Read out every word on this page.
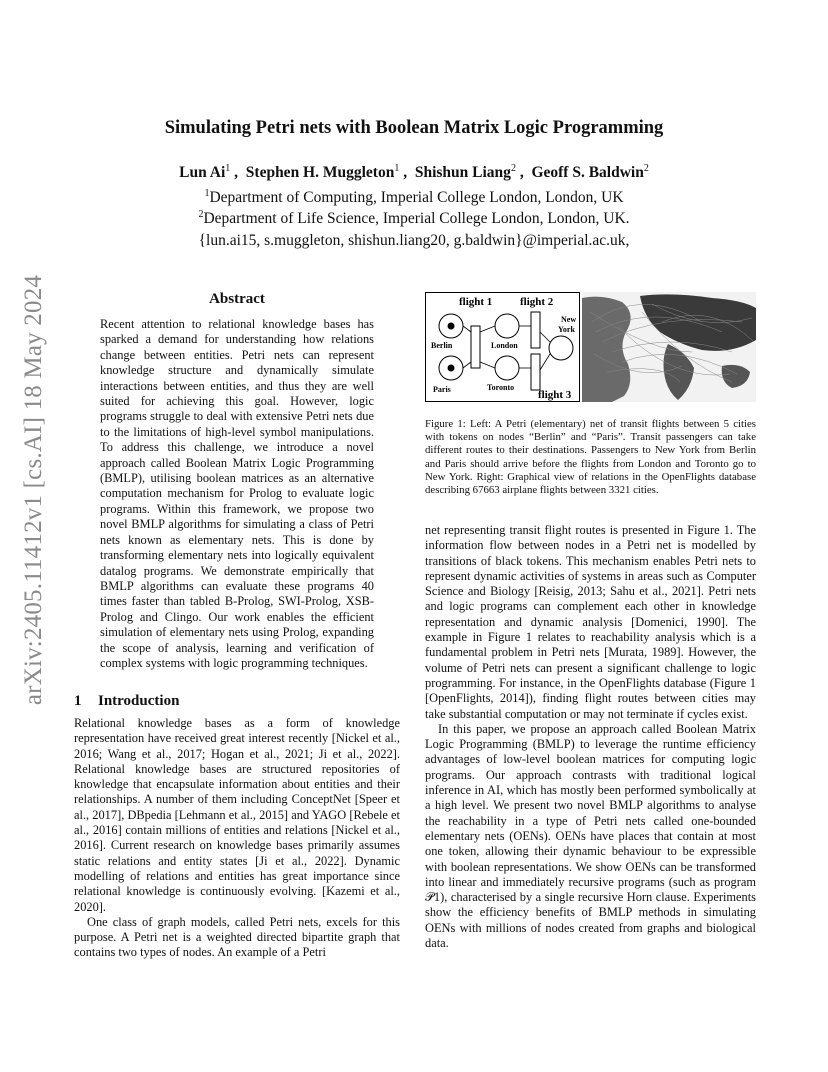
arXiv:2405.11412v1 [cs.AI] 18 May 2024
Simulating Petri nets with Boolean Matrix Logic Programming
Lun Ai$^1$ ,  Stephen H. Muggleton$^1$ ,  Shishun Liang$^2$ ,  Geoff S. Baldwin$^2$
$^1$Department of Computing, Imperial College London, London, UK
$^2$Department of Life Science, Imperial College London, London, UK.
{lun.ai15, s.muggleton, shishun.liang20, g.baldwin}@imperial.ac.uk,
Abstract
Recent attention to relational knowledge bases has sparked a demand for understanding how relations change between entities. Petri nets can represent knowledge structure and dynamically simulate interactions between entities, and thus they are well suited for achieving this goal. However, logic programs struggle to deal with extensive Petri nets due to the limitations of high-level symbol manipulations. To address this challenge, we introduce a novel approach called Boolean Matrix Logic Programming (BMLP), utilising boolean matrices as an alternative computation mechanism for Prolog to evaluate logic programs. Within this framework, we propose two novel BMLP algorithms for simulating a class of Petri nets known as elementary nets. This is done by transforming elementary nets into logically equivalent datalog programs. We demonstrate empirically that BMLP algorithms can evaluate these programs 40 times faster than tabled B-Prolog, SWI-Prolog, XSB-Prolog and Clingo. Our work enables the efficient simulation of elementary nets using Prolog, expanding the scope of analysis, learning and verification of complex systems with logic programming techniques.
1 Introduction

Relational knowledge bases as a form of knowledge representation have received great interest recently [Nickel et al., 2016; Wang et al., 2017; Hogan et al., 2021; Ji et al., 2022]. Relational knowledge bases are structured repositories of knowledge that encapsulate information about entities and their relationships. A number of them including ConceptNet [Speer et al., 2017], DBpedia [Lehmann et al., 2015] and YAGO [Rebele et al., 2016] contain millions of entities and relations [Nickel et al., 2016]. Current research on knowledge bases primarily assumes static relations and entity states [Ji et al., 2022]. Dynamic modelling of relations and entities has great importance since relational knowledge is continuously evolving. [Kazemi et al., 2020].

One class of graph models, called Petri nets, excels for this purpose. A Petri net is a weighted directed bipartite graph that contains two types of nodes. An example of a Petri

flight 1	flight 2
flight 3
Berlin
Paris
London
Toronto
New
York
Figure 1: Left: A Petri (elementary) net of transit flights between 5 cities with tokens on nodes “Berlin” and “Paris”. Transit passengers can take different routes to their destinations. Passengers to New York from Berlin and Paris should arrive before the flights from London and Toronto go to New York. Right: Graphical view of relations in the OpenFlights database describing 67663 airplane flights between 3321 cities.

net representing transit flight routes is presented in Figure 1. The information flow between nodes in a Petri net is modelled by transitions of black tokens. This mechanism enables Petri nets to represent dynamic activities of systems in areas such as Computer Science and Biology [Reisig, 2013; Sahu et al., 2021]. Petri nets and logic programs can complement each other in knowledge representation and dynamic analysis [Domenici, 1990]. The example in Figure 1 relates to reachability analysis which is a fundamental problem in Petri nets [Murata, 1989]. However, the volume of Petri nets can present a significant challenge to logic programming. For instance, in the OpenFlights database (Figure 1 [OpenFlights, 2014]), finding flight routes between cities may take substantial computation or may not terminate if cycles exist.

In this paper, we propose an approach called Boolean Matrix Logic Programming (BMLP) to leverage the runtime efficiency advantages of low-level boolean matrices for computing logic programs. Our approach contrasts with traditional logical inference in AI, which has mostly been performed symbolically at a high level. We present two novel BMLP algorithms to analyse the reachability in a type of Petri nets called one-bounded elementary nets (OENs). OENs have places that contain at most one token, allowing their dynamic behaviour to be expressible with boolean representations. We show OENs can be transformed into linear and immediately recursive programs (such as program 𝒫1), characterised by a single recursive Horn clause. Experiments show the efficiency benefits of BMLP methods in simulating OENs with millions of nodes created from graphs and biological data.
